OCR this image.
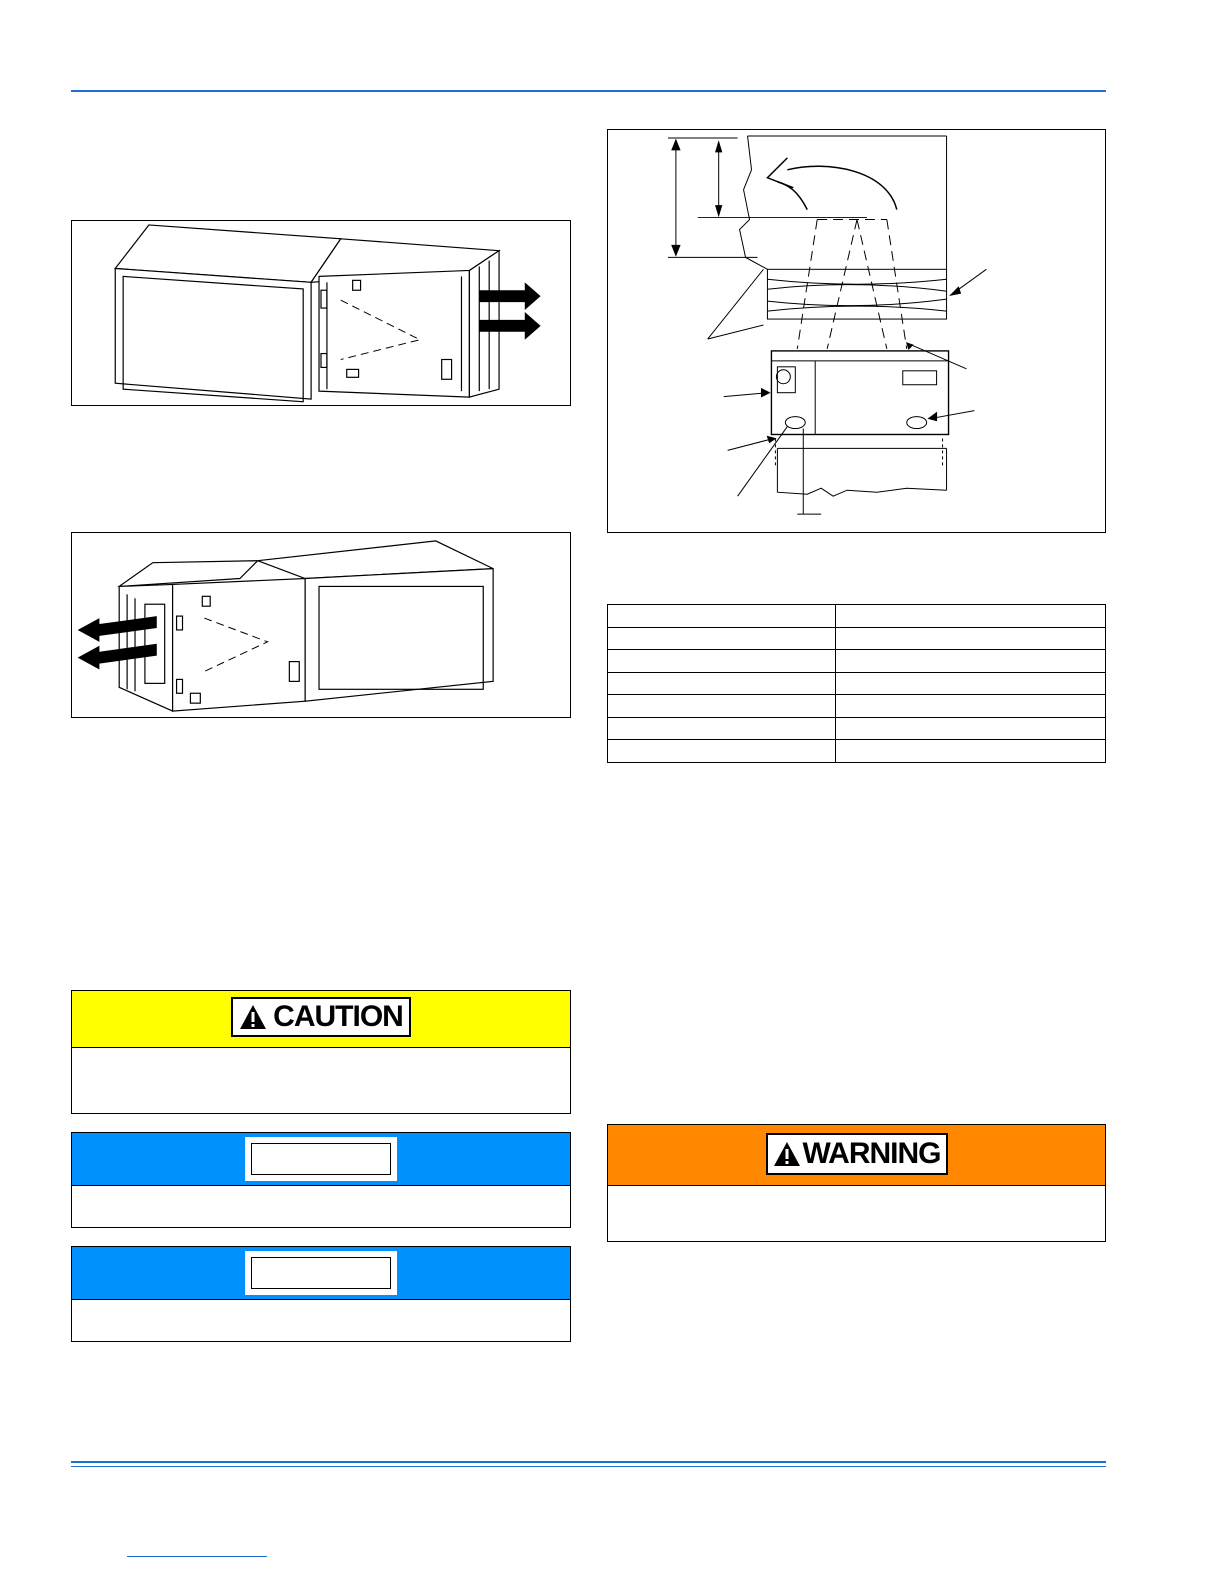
CAUTION
WARNING
